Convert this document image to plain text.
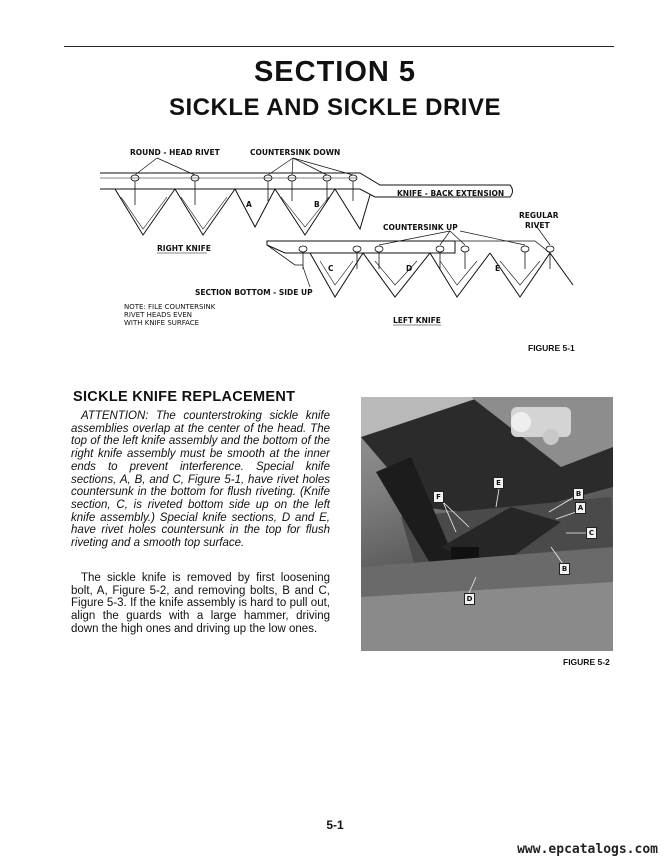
SECTION 5
SICKLE AND SICKLE DRIVE
ROUND - HEAD RIVET	COUNTERSINK DOWN
KNIFE - BACK EXTENSION
REGULAR
RIVET
COUNTERSINK UP
RIGHT KNIFE
SECTION BOTTOM - SIDE UP
NOTE: FILE COUNTERSINK
RIVET HEADS EVEN
WITH KNIFE SURFACE	LEFT KNIFE
A	B
C	D	E
FIGURE 5-1
SICKLE KNIFE REPLACEMENT

ATTENTION: The counterstroking sickle knife assemblies overlap at the center of the head. The top of the left knife assembly and the bottom of the right knife assembly must be smooth at the inner ends to prevent interference. Special knife sections, A, B, and C, Figure 5-1, have rivet holes countersunk in the bottom for flush riveting. (Knife section, C, is riveted bottom side up on the left knife assembly.) Special knife sections, D and E, have rivet holes countersunk in the top for flush riveting and a smooth top surface.

The sickle knife is removed by first loosening bolt, A, Figure 5-2, and removing bolts, B and C, Figure 5-3. If the knife assembly is hard to pull out, align the guards with a large hammer, driving down the high ones and driving up the low ones.

F
E
B
A
C
B
D
FIGURE 5-2
5-1
www.epcatalogs.com
